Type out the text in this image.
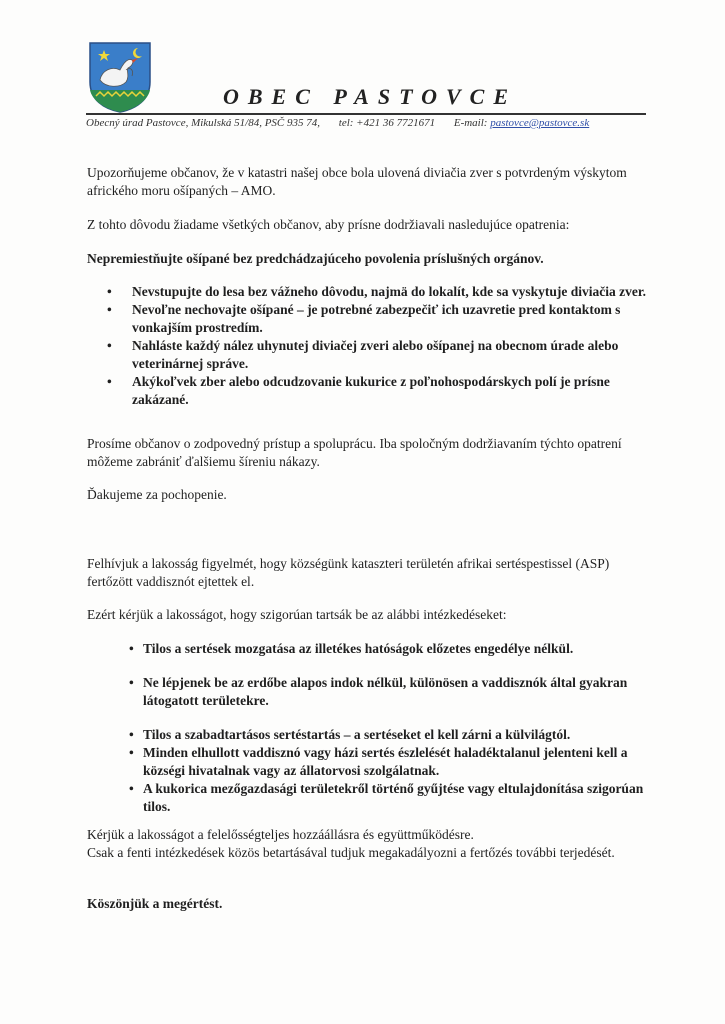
OBEC PASTOVCE
Obecný úrad Pastovce, Mikulská 51/84, PSČ 935 74, tel: +421 36 7721671 E-mail: pastovce@pastovce.sk
Upozorňujeme občanov, že v katastri našej obce bola ulovená diviačia zver s potvrdeným výskytom afrického moru ošípaných – AMO.
Z tohto dôvodu žiadame všetkých občanov, aby prísne dodržiavali nasledujúce opatrenia:
Nepremiestňujte ošípané bez predchádzajúceho povolenia príslušných orgánov.
• Nevstupujte do lesa bez vážneho dôvodu, najmä do lokalít, kde sa vyskytuje diviačia zver.
• Nevoľne nechovajte ošípané – je potrebné zabezpečiť ich uzavretie pred kontaktom s vonkajším prostredím.
• Nahláste každý nález uhynutej diviačej zveri alebo ošípanej na obecnom úrade alebo veterinárnej správe.
• Akýkoľvek zber alebo odcudzovanie kukurice z poľnohospodárskych polí je prísne zakázané.
Prosíme občanov o zodpovedný prístup a spoluprácu. Iba spoločným dodržiavaním týchto opatrení môžeme zabrániť ďalšiemu šíreniu nákazy.
Ďakujeme za pochopenie.
Felhívjuk a lakosság figyelmét, hogy községünk kataszteri területén afrikai sertéspestissel (ASP) fertőzött vaddisznót ejtettek el.
Ezért kérjük a lakosságot, hogy szigorúan tartsák be az alábbi intézkedéseket:
• Tilos a sertések mozgatása az illetékes hatóságok előzetes engedélye nélkül.
• Ne lépjenek be az erdőbe alapos indok nélkül, különösen a vaddisznók által gyakran látogatott területekre.
• Tilos a szabadtartásos sertéstartás – a sertéseket el kell zárni a külvilágtól.
• Minden elhullott vaddisznó vagy házi sertés észlelését haladéktalanul jelenteni kell a községi hivatalnak vagy az állatorvosi szolgálatnak.
• A kukorica mezőgazdasági területekről történő gyűjtése vagy eltulajdonítása szigorúan tilos.
Kérjük a lakosságot a felelősségteljes hozzáállásra és együttműködésre.
Csak a fenti intézkedések közös betartásával tudjuk megakadályozni a fertőzés további terjedését.
Köszönjük a megértést.
